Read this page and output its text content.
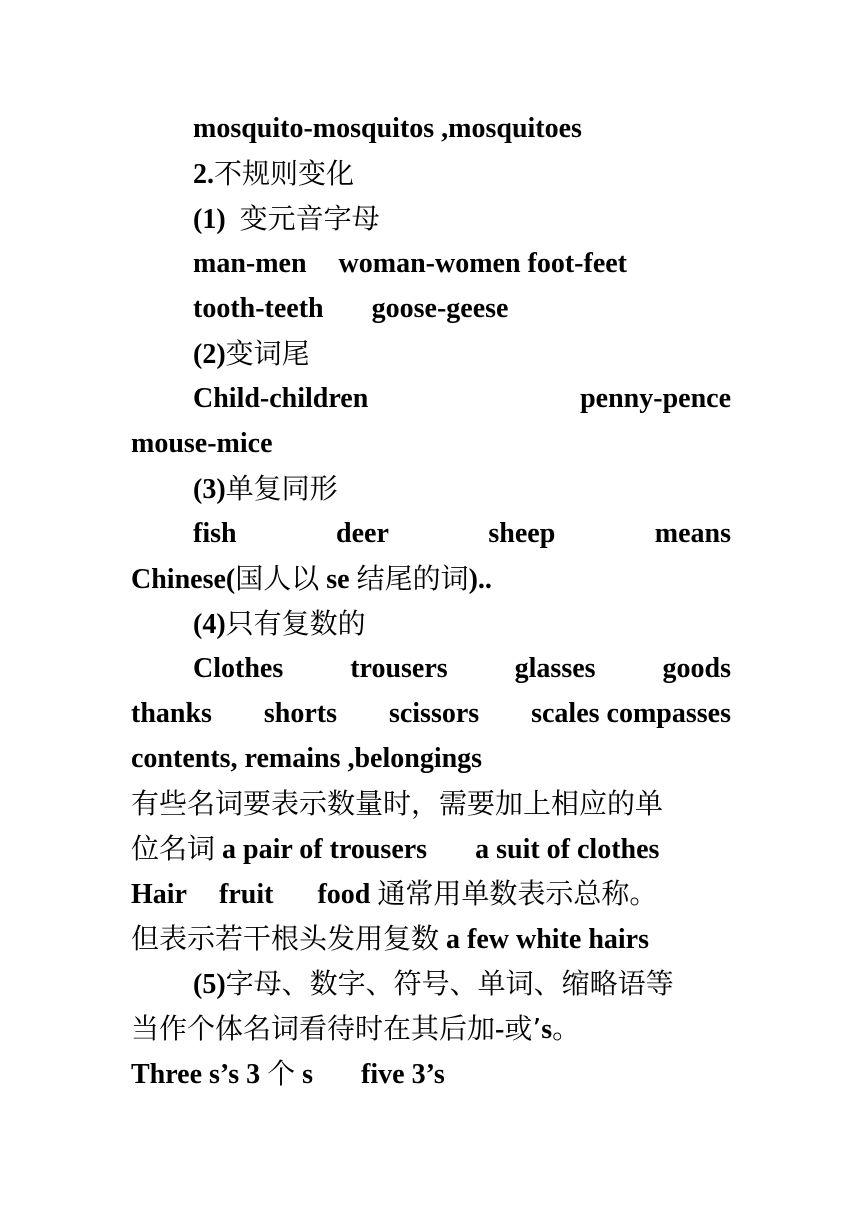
mosquito-mosquitos ,mosquitoes
2.不规则变化
(1) 变元音字母
man-men woman-women foot-feet
tooth-teeth goose-geese
(2)变词尾
Child-children	penny-pence
mouse-mice
(3)单复同形
fish	deer	sheep	means
Chinese(国人以 se 结尾的词)..
(4)只有复数的
Clothes trousers glasses goods
thanks shorts scissors scales compasses
contents, remains ,belongings
有些名词要表示数量时，需要加上相应的单
位名词 a pair of trousers a suit of clothes
Hair fruit food 通常用单数表示总称。
但表示若干根头发用复数 a few white hairs
(5)字母、数字、符号、单词、缩略语等
当作个体名词看待时在其后加-或’s。
Three s’s 3 个 s five 3’s
